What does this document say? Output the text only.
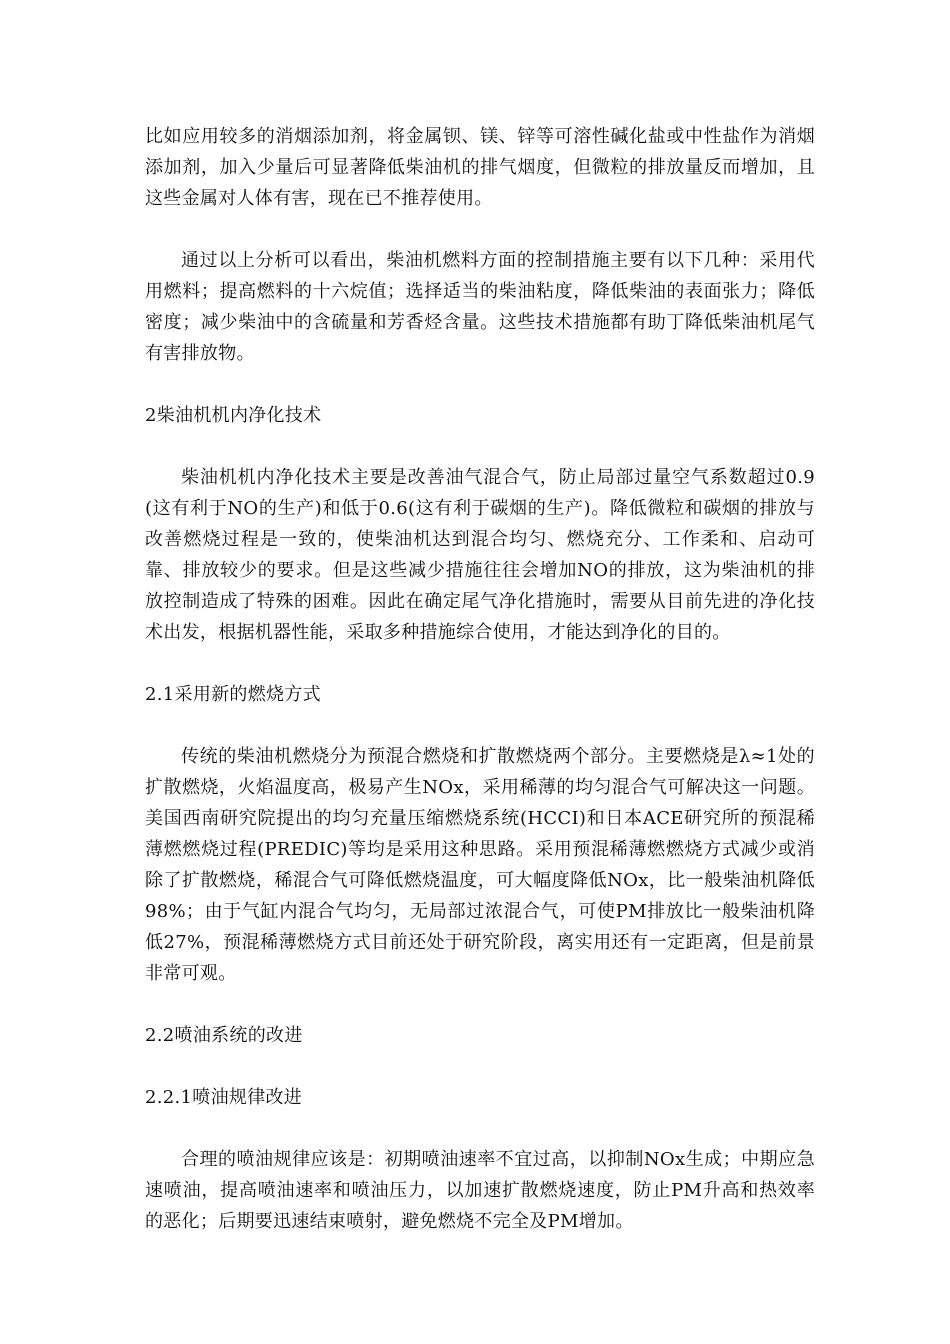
比如应用较多的消烟添加剂，将金属钡、镁、锌等可溶性碱化盐或中性盐作为消烟添加剂，加入少量后可显著降低柴油机的排气烟度，但微粒的排放量反而增加，且这些金属对人体有害，现在已不推荐使用。

通过以上分析可以看出，柴油机燃料方面的控制措施主要有以下几种：采用代用燃料；提高燃料的十六烷值；选择适当的柴油粘度，降低柴油的表面张力；降低密度；减少柴油中的含硫量和芳香烃含量。这些技术措施都有助丁降低柴油机尾气有害排放物。

2柴油机机内净化技术

柴油机机内净化技术主要是改善油气混合气，防止局部过量空气系数超过0.9(这有利于NO的生产)和低于0.6(这有利于碳烟的生产)。降低微粒和碳烟的排放与改善燃烧过程是一致的，使柴油机达到混合均匀、燃烧充分、工作柔和、启动可靠、排放较少的要求。但是这些减少措施往往会增加NO的排放，这为柴油机的排放控制造成了特殊的困难。因此在确定尾气净化措施时，需要从目前先进的净化技术出发，根据机器性能，采取多种措施综合使用，才能达到净化的目的。

2.1采用新的燃烧方式

传统的柴油机燃烧分为预混合燃烧和扩散燃烧两个部分。主要燃烧是λ≈1处的扩散燃烧，火焰温度高，极易产生NOx，采用稀薄的均匀混合气可解决这一问题。美国西南研究院提出的均匀充量压缩燃烧系统(HCCI)和日本ACE研究所的预混稀薄燃燃烧过程(PREDIC)等均是采用这种思路。采用预混稀薄燃燃烧方式减少或消除了扩散燃烧，稀混合气可降低燃烧温度，可大幅度降低NOx，比一般柴油机降低98%；由于气缸内混合气均匀，无局部过浓混合气，可使PM排放比一般柴油机降低27%，预混稀薄燃烧方式目前还处于研究阶段，离实用还有一定距离，但是前景非常可观。

2.2喷油系统的改进

2.2.1喷油规律改进

合理的喷油规律应该是：初期喷油速率不宜过高，以抑制NOx生成；中期应急速喷油，提高喷油速率和喷油压力，以加速扩散燃烧速度，防止PM升高和热效率的恶化；后期要迅速结束喷射，避免燃烧不完全及PM增加。
